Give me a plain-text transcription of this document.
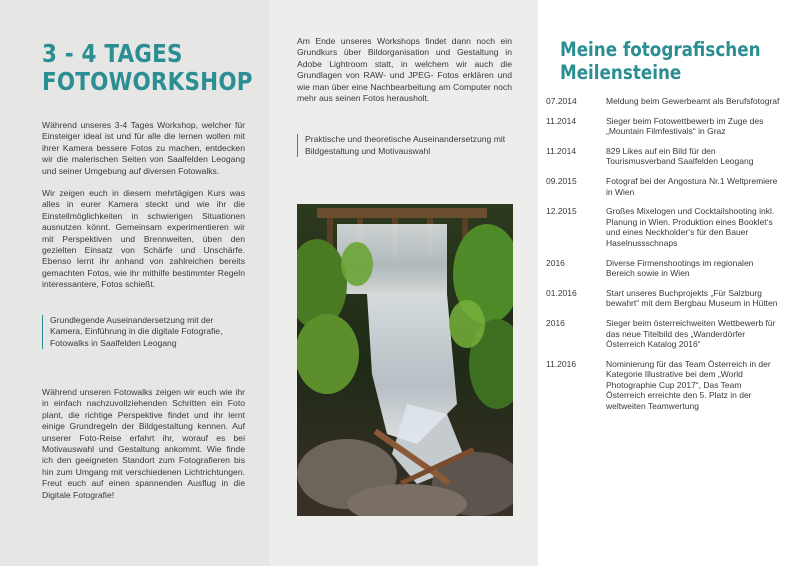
3 - 4 TAGES
FOTOWORKSHOP

Während unseres 3-4 Tages Workshop, welcher für Einsteiger ideal ist und für alle die lernen wollen mit ihrer Kamera bessere Fotos zu machen, entdecken wir die malerischen Seiten von Saalfelden Leogang und seiner Umgebung auf diversen Fotowalks.

Wir zeigen euch in diesem mehrtägigen Kurs was alles in eurer Kamera steckt und wie ihr die Einstellmöglichkeiten in schwierigen Situationen ausnutzen könnt. Gemeinsam experimentieren wir mit Perspektiven und Brennweiten, üben den gezielten Einsatz von Schärfe und Unschärfe. Ebenso lernt ihr anhand von zahlreichen bereits gemachten Fotos, wie ihr mithilfe bestimmter Regeln interessantere, Fotos schießt.

Grundlegende Auseinandersetzung mit der Kamera, Einführung in die digitale Fotografie, Fotowalks in Saalfelden Leogang

Während unseren Fotowalks zeigen wir euch wie ihr in einfach nachzuvollziehenden Schritten ein Foto plant, die richtige Perspektive findet und ihr lernt einige Grundregeln der Bildgestaltung kennen. Auf unserer Foto-Reise erfahrt ihr, worauf es bei Motivauswahl und Gestaltung ankommt. Wie finde ich den geeigneten Standort zum Fotografieren bis hin zum Umgang mit verschiedenen Lichtrichtungen. Freut euch auf einen spannenden Ausflug in die Digitale Fotografie!

Am Ende unseres Workshops findet dann noch ein Grundkurs über Bildorganisation und Gestaltung in Adobe Lightroom statt, in welchem wir auch die Grundlagen von RAW- und JPEG- Fotos erklären und wie man über eine Nachbearbeitung am Computer noch mehr aus seinen Fotos herausholt.

Praktische und theoretische Auseinandersetzung mit Bildgestaltung und Motivauswahl

Meine fotografischen
Meilensteine
07.2014	Meldung beim Gewerbeamt als Berufsfotograf
11.2014	Sieger beim Fotowettbewerb im Zuge des „Mountain Filmfestivals“ in Graz
11.2014	829 Likes auf ein Bild für den Tourismusverband Saalfelden Leogang
09.2015	Fotograf bei der Angostura Nr.1 Weltpremiere in Wien
12.2015	Großes Mixelogen und Cocktailshooting inkl. Planung in Wien. Produktion eines Booklet‘s und eines Neckholder‘s für den Bauer Haselnussschnaps
2016	Diverse Firmenshootings im regionalen Bereich sowie in Wien
01.2016	Start unseres Buchprojekts „Für Salzburg bewahrt“ mit dem Bergbau Museum in Hütten
2016	Sieger beim österreichweiten Wettbewerb für das neue Titelbild des „Wanderdörfer Österreich Katalog 2016“
11.2016	Nominierung für das Team Österreich in der Kategorie Illustrative bei dem „World Photographie Cup 2017“, Das Team Österreich erreichte den 5. Platz in der weltweiten Teamwertung
